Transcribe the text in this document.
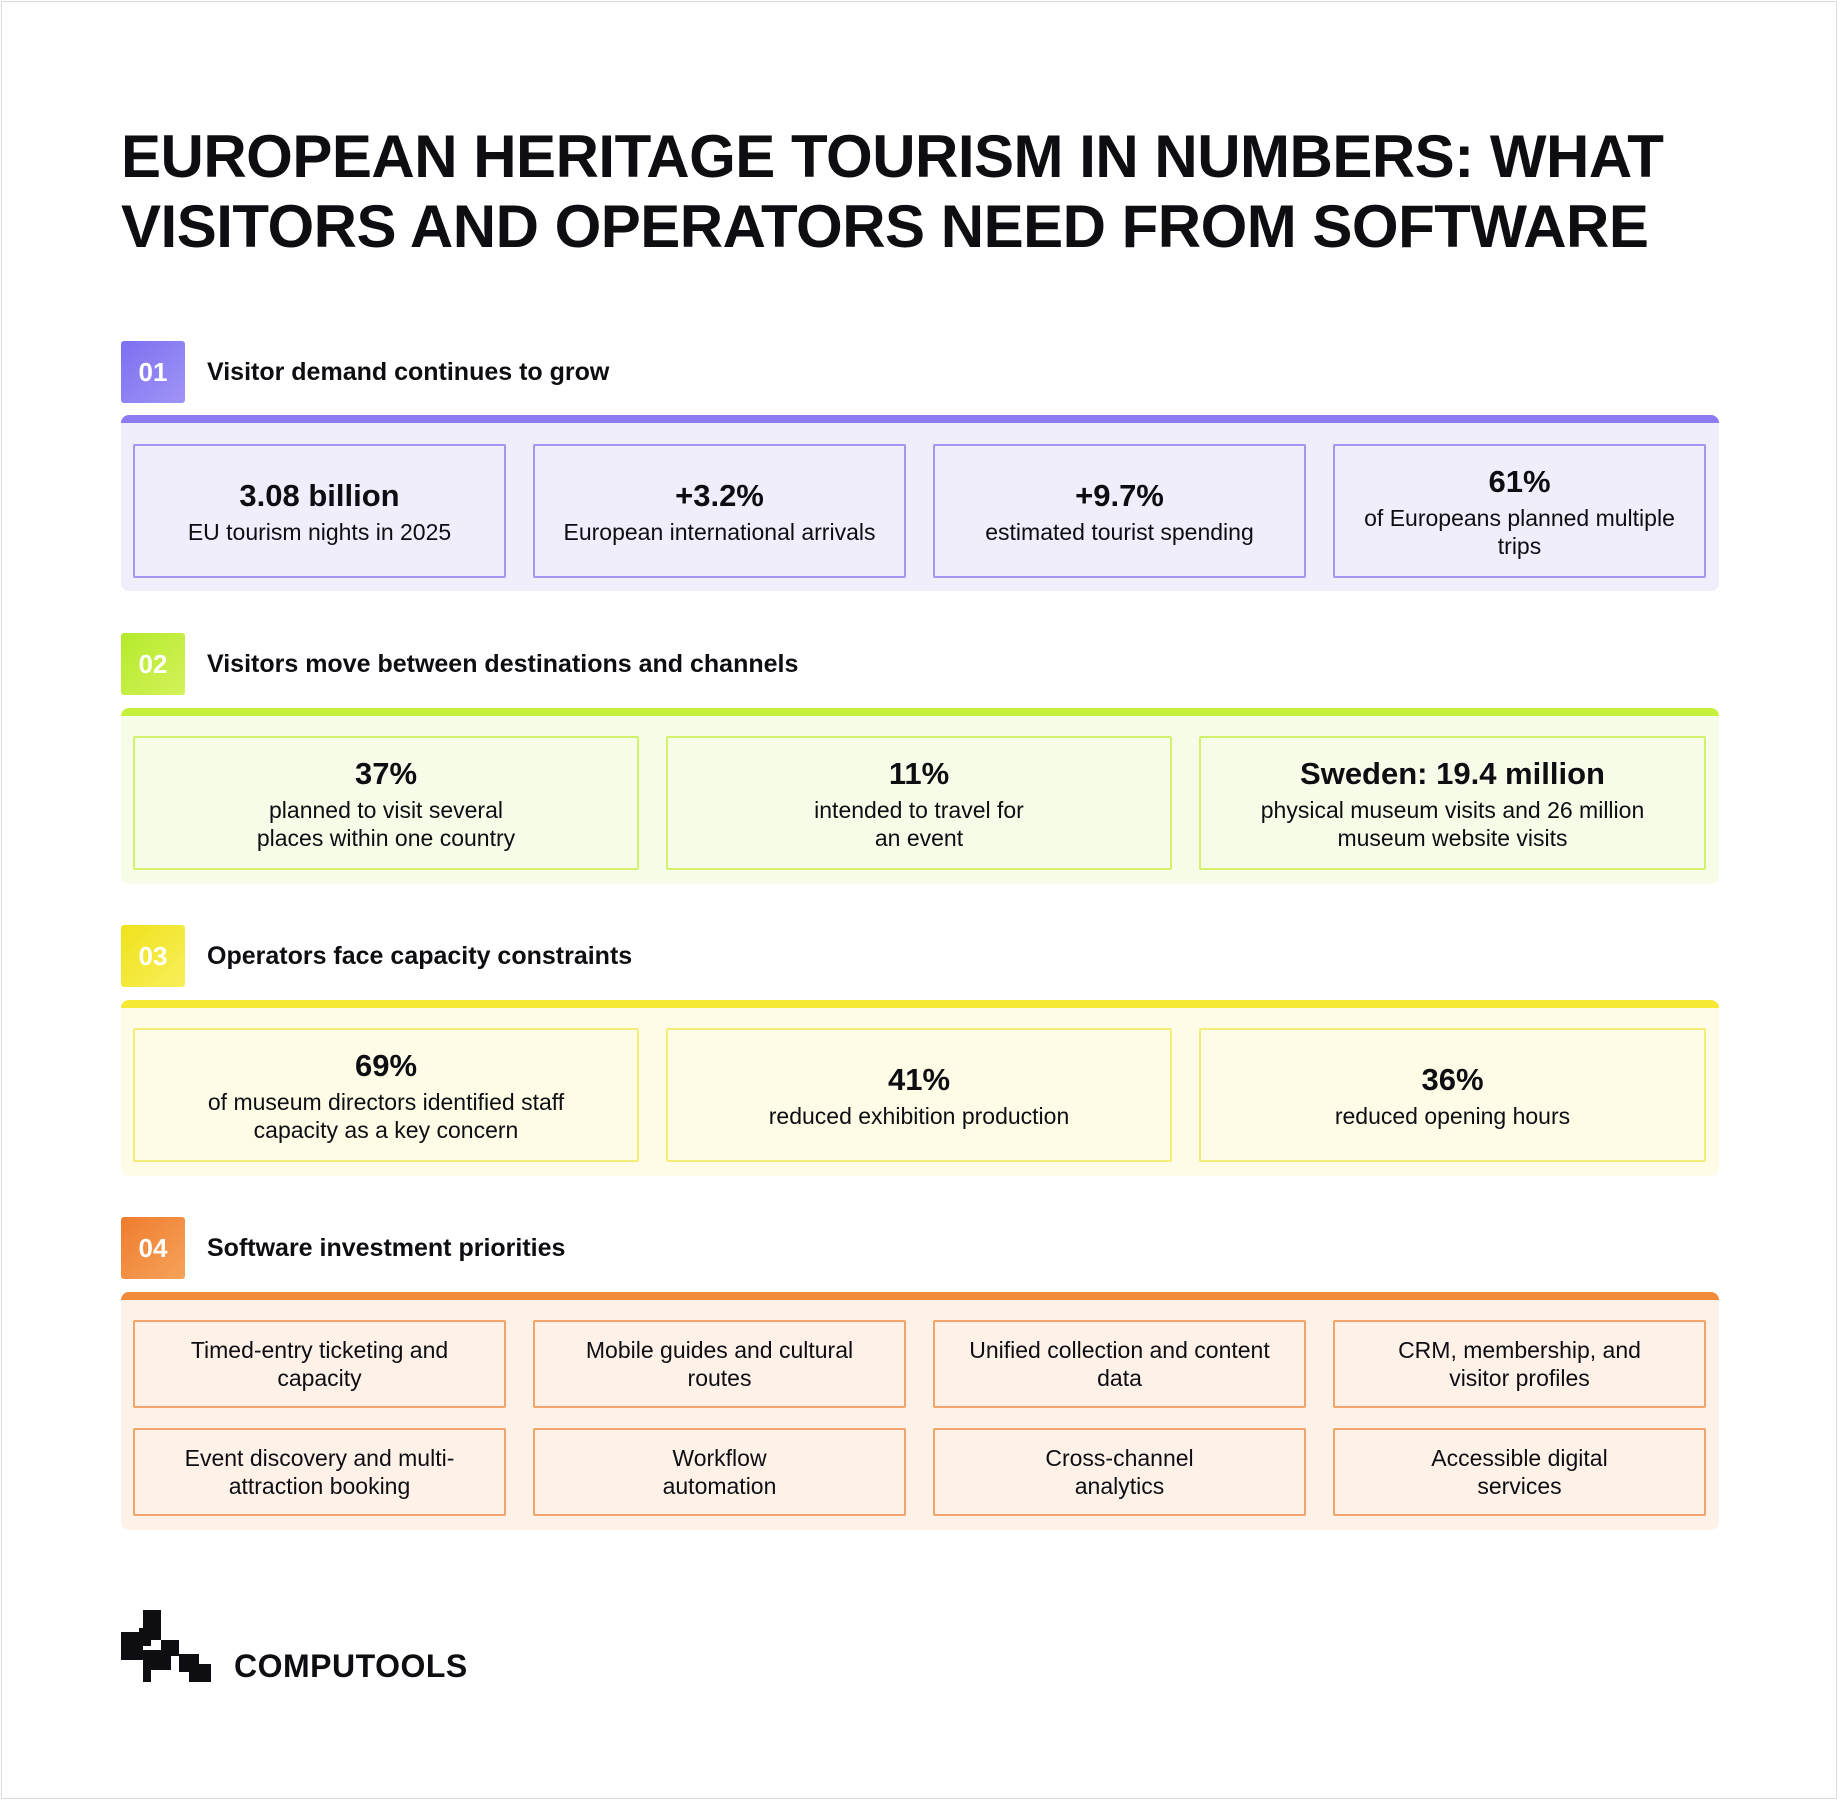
EUROPEAN HERITAGE TOURISM IN NUMBERS: WHAT VISITORS AND OPERATORS NEED FROM SOFTWARE
01	Visitor demand continues to grow
3.08 billion
EU tourism nights in 2025
+3.2%
European international arrivals
+9.7%
estimated tourist spending
61%
of Europeans planned multiple trips
02	Visitors move between destinations and channels
37%
planned to visit several places within one country
11%
intended to travel for an event
Sweden: 19.4 million
physical museum visits and 26 million museum website visits
03	Operators face capacity constraints
69%
of museum directors identified staff capacity as a key concern
41%
reduced exhibition production
36%
reduced opening hours
04	Software investment priorities
Timed-entry ticketing and capacity
Mobile guides and cultural routes
Unified collection and content data
CRM, membership, and visitor profiles
Event discovery and multi-attraction booking
Workflow automation
Cross-channel analytics
Accessible digital services
COMPUTOOLS
